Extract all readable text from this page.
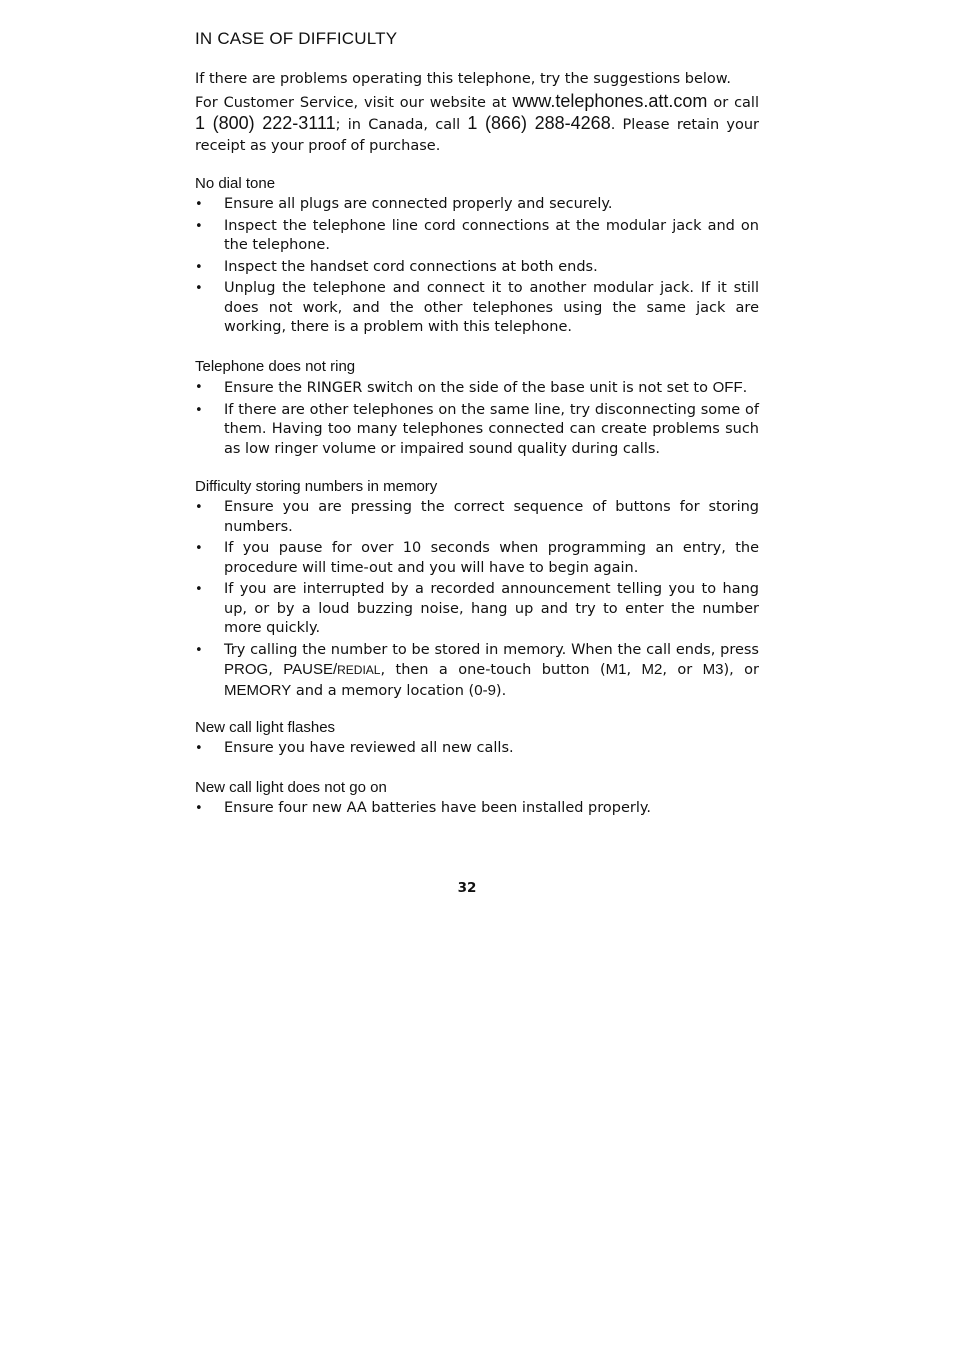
IN CASE OF DIFFICULTY

If there are problems operating this telephone, try the suggestions below.

For Customer Service, visit our website at www.telephones.att.com or call 1 (800) 222-3111; in Canada, call 1 (866) 288-4268. Please retain your receipt as your proof of purchase.

No dial tone
• Ensure all plugs are connected properly and securely.
• Inspect the telephone line cord connections at the modular jack and on the telephone.
• Inspect the handset cord connections at both ends.
• Unplug the telephone and connect it to another modular jack. If it still does not work, and the other telephones using the same jack are working, there is a problem with this telephone.
Telephone does not ring
• Ensure the RINGER switch on the side of the base unit is not set to OFF.
• If there are other telephones on the same line, try disconnecting some of them. Having too many telephones connected can create problems such as low ringer volume or impaired sound quality during calls.
Difficulty storing numbers in memory
• Ensure you are pressing the correct sequence of buttons for storing numbers.
• If you pause for over 10 seconds when programming an entry, the procedure will time-out and you will have to begin again.
• If you are interrupted by a recorded announcement telling you to hang up, or by a loud buzzing noise, hang up and try to enter the number more quickly.
• Try calling the number to be stored in memory. When the call ends, press PROG, PAUSE/REDIAL, then a one-touch button (M1, M2, or M3), or MEMORY and a memory location (0-9).
New call light flashes
• Ensure you have reviewed all new calls.
New call light does not go on
• Ensure four new AA batteries have been installed properly.
32
